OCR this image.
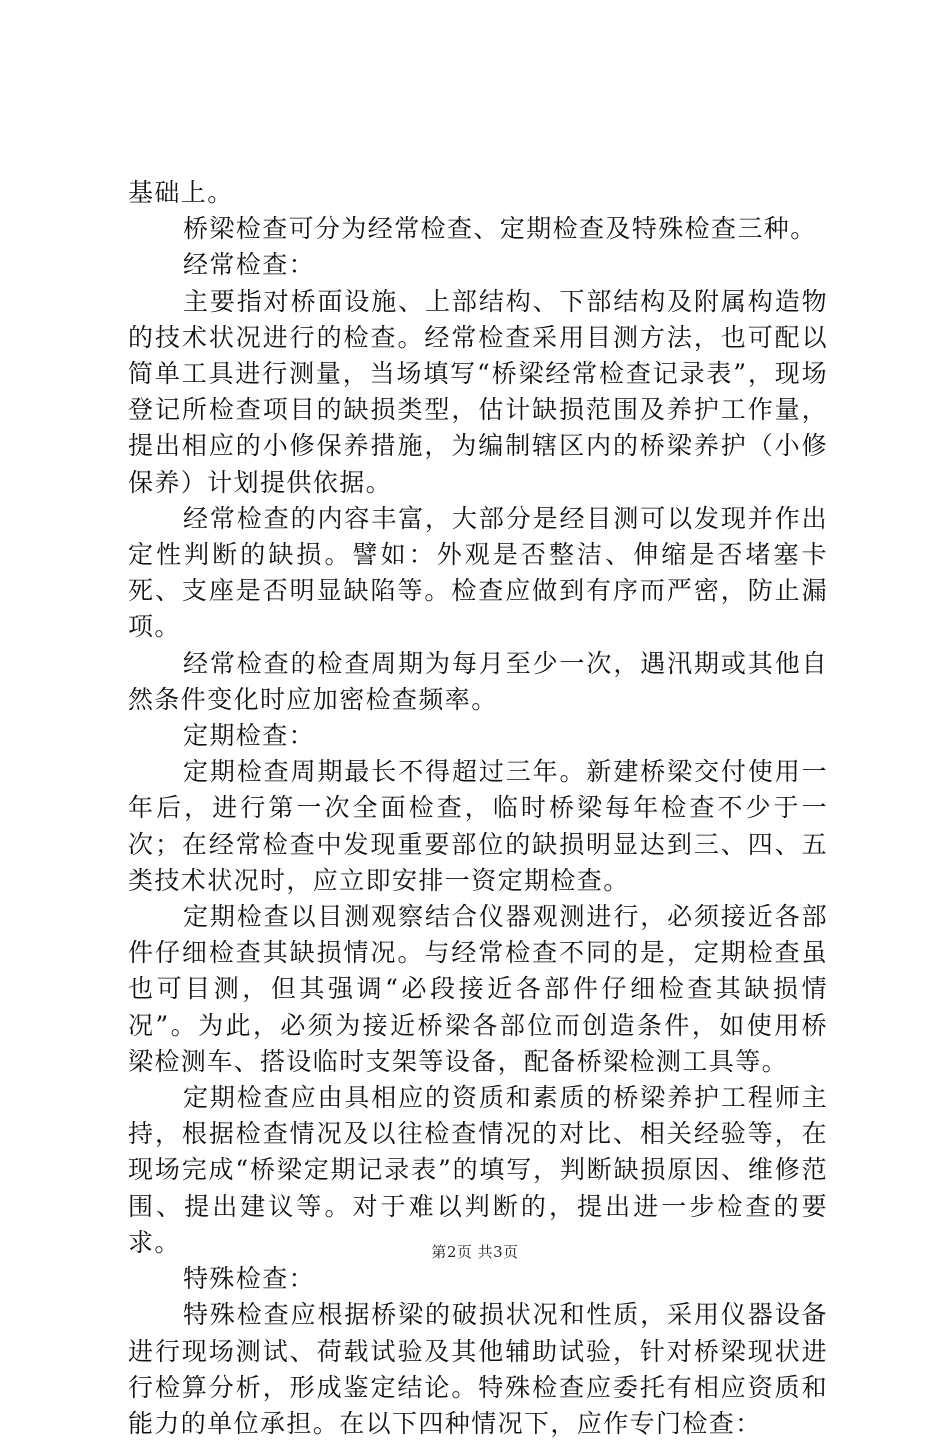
基础上。

桥梁检查可分为经常检查、定期检查及特殊检查三种。

经常检查：

主要指对桥面设施、上部结构、下部结构及附属构造物的技术状况进行的检查。经常检查采用目测方法，也可配以简单工具进行测量，当场填写“桥梁经常检查记录表”，现场登记所检查项目的缺损类型，估计缺损范围及养护工作量，提出相应的小修保养措施，为编制辖区内的桥梁养护（小修保养）计划提供依据。

经常检查的内容丰富，大部分是经目测可以发现并作出定性判断的缺损。譬如：外观是否整洁、伸缩是否堵塞卡死、支座是否明显缺陷等。检查应做到有序而严密，防止漏项。

经常检查的检查周期为每月至少一次，遇汛期或其他自然条件变化时应加密检查频率。

定期检查：

定期检查周期最长不得超过三年。新建桥梁交付使用一年后，进行第一次全面检查，临时桥梁每年检查不少于一次；在经常检查中发现重要部位的缺损明显达到三、四、五类技术状况时，应立即安排一资定期检查。

定期检查以目测观察结合仪器观测进行，必须接近各部件仔细检查其缺损情况。与经常检查不同的是，定期检查虽也可目测，但其强调“必段接近各部件仔细检查其缺损情况”。为此，必须为接近桥梁各部位而创造条件，如使用桥梁检测车、搭设临时支架等设备，配备桥梁检测工具等。

定期检查应由具相应的资质和素质的桥梁养护工程师主持，根据检查情况及以往检查情况的对比、相关经验等，在现场完成“桥梁定期记录表”的填写，判断缺损原因、维修范围、提出建议等。对于难以判断的，提出进一步检查的要求。

特殊检查：

特殊检查应根据桥梁的破损状况和性质，采用仪器设备进行现场测试、荷载试验及其他辅助试验，针对桥梁现状进行检算分析，形成鉴定结论。特殊检查应委托有相应资质和能力的单位承担。在以下四种情况下，应作专门检查：

第2页 共3页
